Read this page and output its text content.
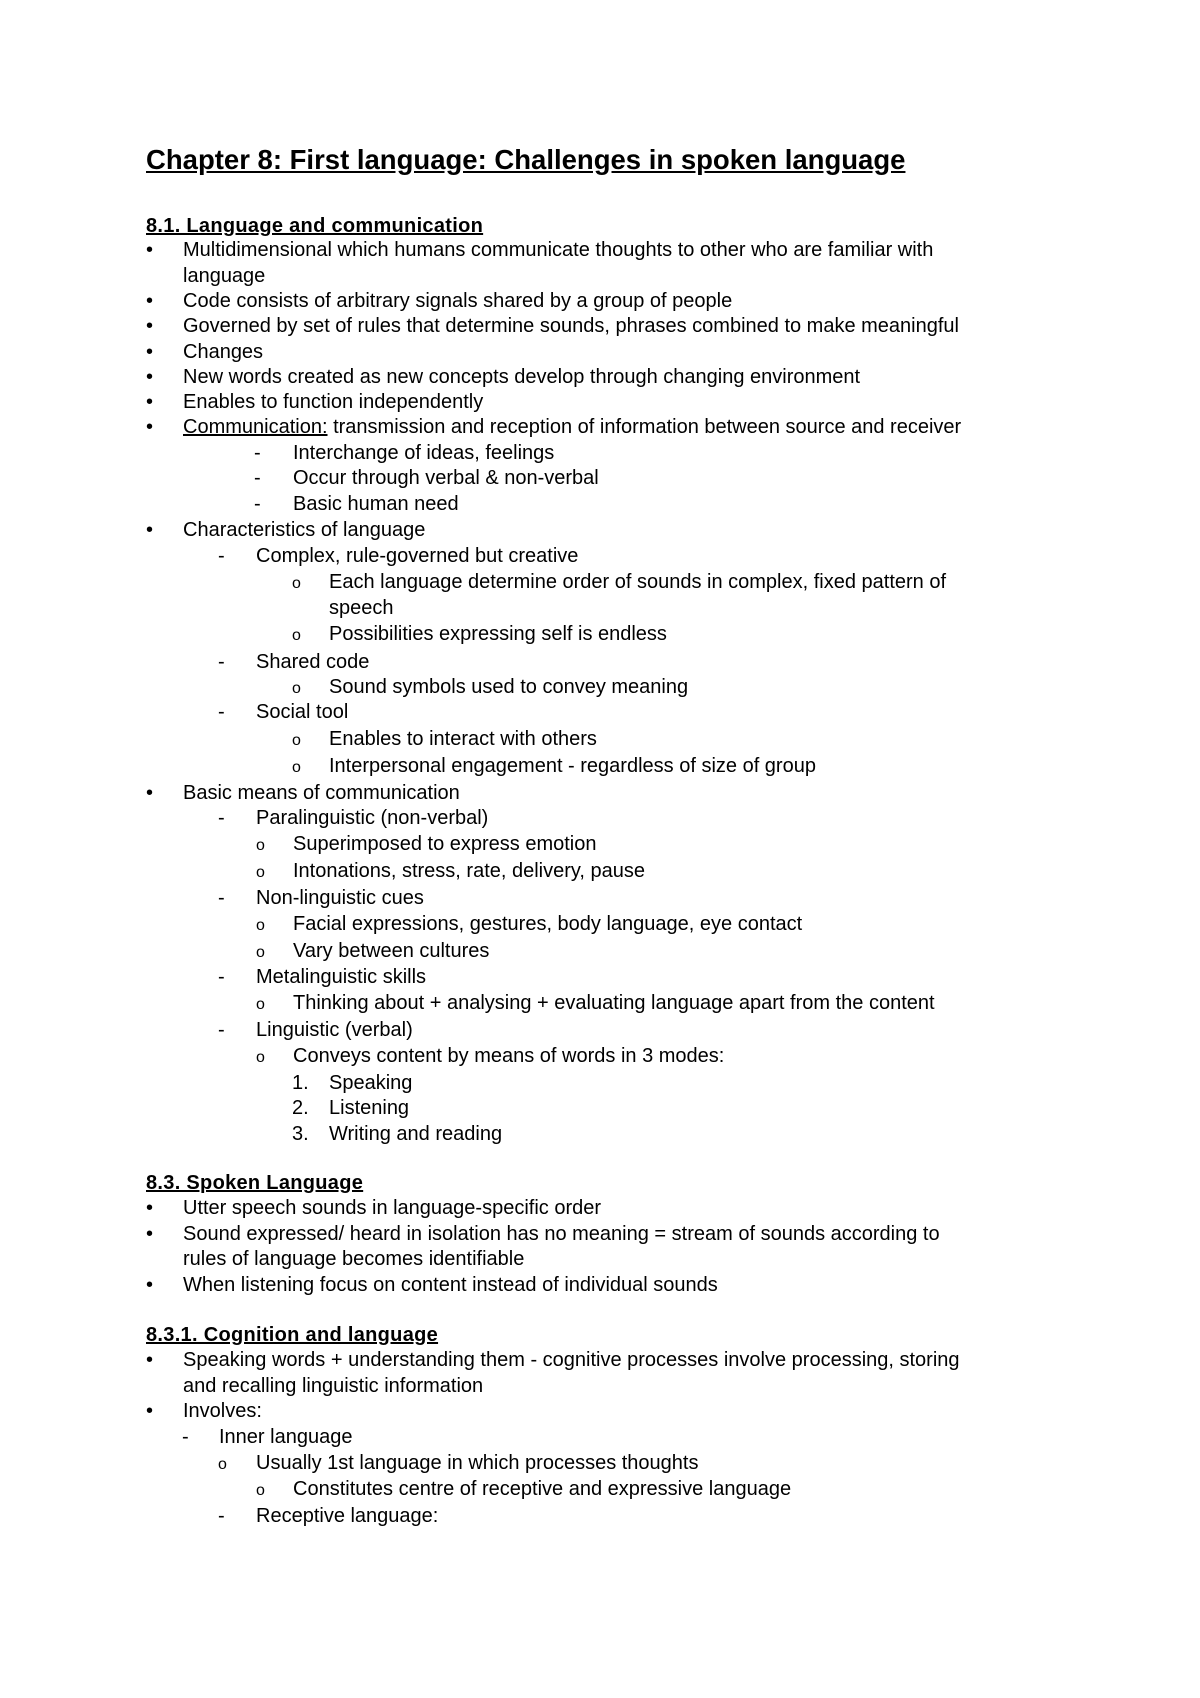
Chapter 8: First language: Challenges in spoken language
8.1. Language and communication
• Multidimensional which humans communicate thoughts to other who are familiar with
language
• Code consists of arbitrary signals shared by a group of people
• Governed by set of rules that determine sounds, phrases combined to make meaningful
• Changes
• New words created as new concepts develop through changing environment
• Enables to function independently
• Communication: transmission and reception of information between source and receiver
- Interchange of ideas, feelings
- Occur through verbal & non-verbal
- Basic human need
• Characteristics of language
- Complex, rule-governed but creative
o Each language determine order of sounds in complex, fixed pattern of
speech
o Possibilities expressing self is endless
- Shared code
o Sound symbols used to convey meaning
- Social tool
o Enables to interact with others
o Interpersonal engagement - regardless of size of group
• Basic means of communication
- Paralinguistic (non-verbal)
o Superimposed to express emotion
o Intonations, stress, rate, delivery, pause
- Non-linguistic cues
o Facial expressions, gestures, body language, eye contact
o Vary between cultures
- Metalinguistic skills
o Thinking about + analysing + evaluating language apart from the content
- Linguistic (verbal)
o Conveys content by means of words in 3 modes:
1. Speaking
2. Listening
3. Writing and reading
8.3. Spoken Language
• Utter speech sounds in language-specific order
• Sound expressed/ heard in isolation has no meaning = stream of sounds according to
rules of language becomes identifiable
• When listening focus on content instead of individual sounds
8.3.1. Cognition and language
• Speaking words + understanding them - cognitive processes involve processing, storing
and recalling linguistic information
• Involves:
- Inner language
o Usually 1st language in which processes thoughts
o Constitutes centre of receptive and expressive language
- Receptive language:
